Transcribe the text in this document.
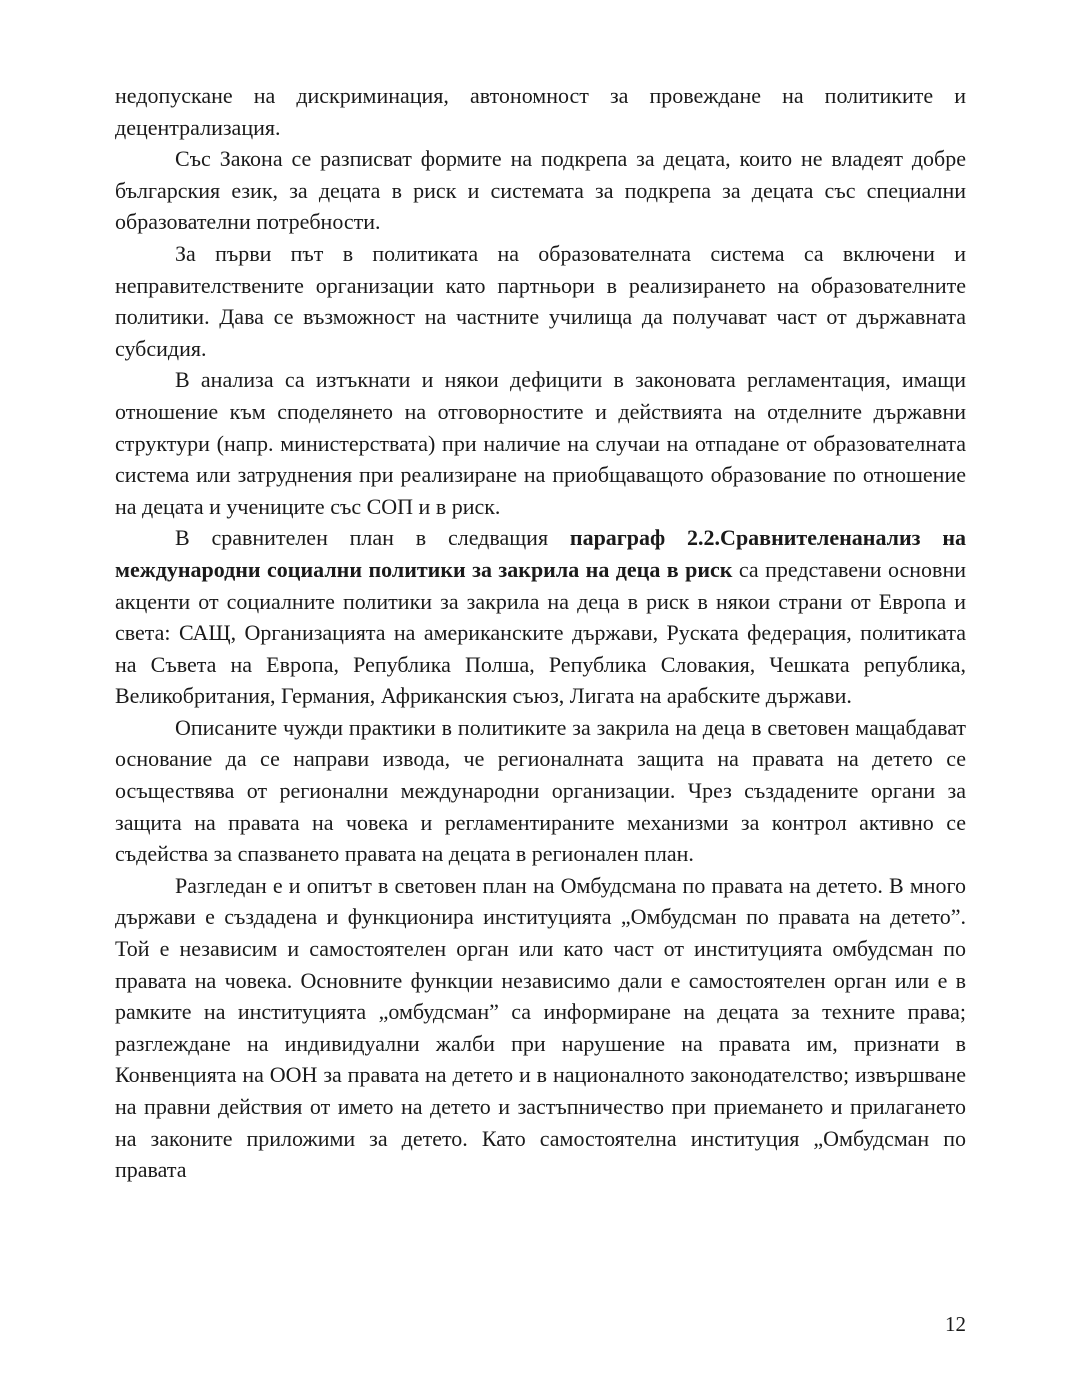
недопускане на дискриминация, автономност за провеждане на политиките и децентрализация.

Със Закона се разписват формите на подкрепа за децата, които не владеят добре българския език, за децата в риск и системата за подкрепа за децата със специални образователни потребности.

За първи път в политиката на образователната система са включени и неправителствените организации като партньори в реализирането на образователните политики. Дава се възможност на частните училища да получават част от държавната субсидия.

В анализа са изтъкнати и някои дефицити в законовата регламентация, имащи отношение към споделянето на отговорностите и действията на отделните държавни структури (напр. министерствата) при наличие на случаи на отпадане от образователната система или затруднения при реализиране на приобщаващото образование по отношение на децата и учениците със СОП и в риск.

В сравнителен план в следващия параграф 2.2.Сравнителенанализ на международни социални политики за закрила на деца в риск са представени основни акценти от социалните политики за закрила на деца в риск в някои страни от Европа и света: САЩ, Организацията на американските държави, Руската федерация, политиката на Съвета на Европа, Република Полша, Република Словакия, Чешката република, Великобритания, Германия, Африканския съюз, Лигата на арабските държави.

Описаните чужди практики в политиките за закрила на деца в световен мащабдават основание да се направи извода, че регионалната защита на правата на детето се осъществява от регионални международни организации. Чрез създадените органи за защита на правата на човека и регламентираните механизми за контрол активно се съдейства за спазването правата на децата в регионален план.

Разгледан е и опитът в световен план на Омбудсмана по правата на детето. В много държави е създадена и функционира институцията „Омбудсман по правата на детето”. Той е независим и самостоятелен орган или като част от институцията омбудсман по правата на човека. Основните функции независимо дали е самостоятелен орган или е в рамките на институцията „омбудсман” са информиране на децата за техните права; разглеждане на индивидуални жалби при нарушение на правата им, признати в Конвенцията на ООН за правата на детето и в националното законодателство; извършване на правни действия от името на детето и застъпничество при приемането и прилагането на законите приложими за детето. Като самостоятелна институция „Омбудсман по правата

12
